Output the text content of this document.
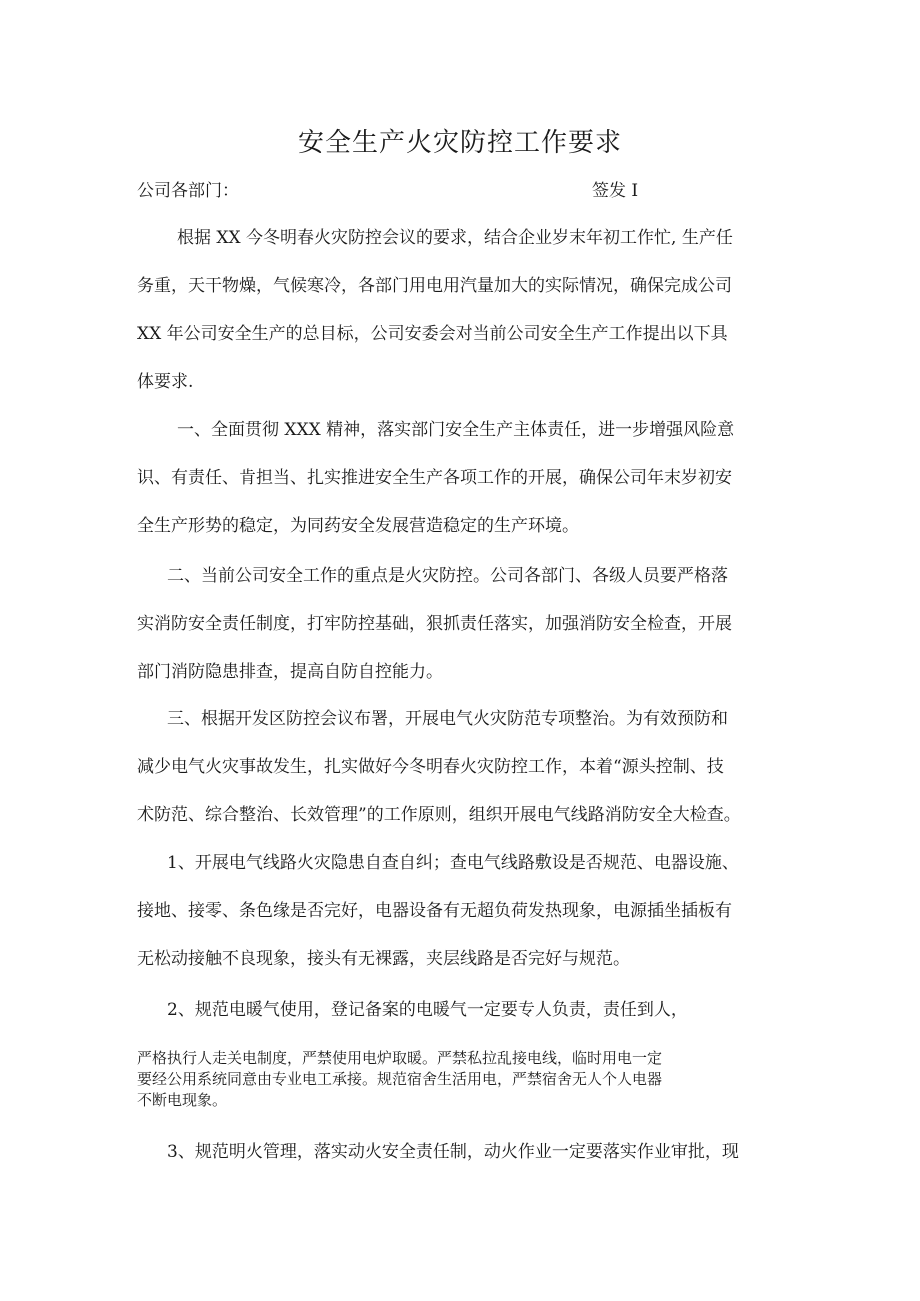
安全生产火灾防控工作要求
公司各部门：	签发 I

根据 XX 今冬明春火灾防控会议的要求，结合企业岁末年初工作忙, 生产任
务重，天干物燥，气候寒冷，各部门用电用汽量加大的实际情况，确保完成公司
XX 年公司安全生产的总目标，公司安委会对当前公司安全生产工作提出以下具
体要求.

一、全面贯彻 XXX 精神，落实部门安全生产主体责任，进一步增强风险意
识、有责任、肯担当、扎实推进安全生产各项工作的开展，确保公司年末岁初安
全生产形势的稳定，为同药安全发展营造稳定的生产环境。

二、当前公司安全工作的重点是火灾防控。公司各部门、各级人员要严格落
实消防安全责任制度，打牢防控基础，狠抓责任落实，加强消防安全检查，开展
部门消防隐患排查，提高自防自控能力。

三、根据开发区防控会议布署，开展电气火灾防范专项整治。为有效预防和
减少电气火灾事故发生，扎实做好今冬明春火灾防控工作，本着“源头控制、技
术防范、综合整治、长效管理”的工作原则，组织开展电气线路消防安全大检查。

1、开展电气线路火灾隐患自查自纠；查电气线路敷设是否规范、电器设施、
接地、接零、条色缘是否完好，电器设备有无超负荷发热现象，电源插坐插板有
无松动接触不良现象，接头有无裸露，夹层线路是否完好与规范。

2、规范电暖气使用，登记备案的电暖气一定要专人负责，责任到人，

严格执行人走关电制度，严禁使用电炉取暖。严禁私拉乱接电线，临时用电一定
要经公用系统同意由专业电工承接。规范宿舍生活用电，严禁宿舍无人个人电器
不断电现象。

3、规范明火管理，落实动火安全责任制，动火作业一定要落实作业审批，现
